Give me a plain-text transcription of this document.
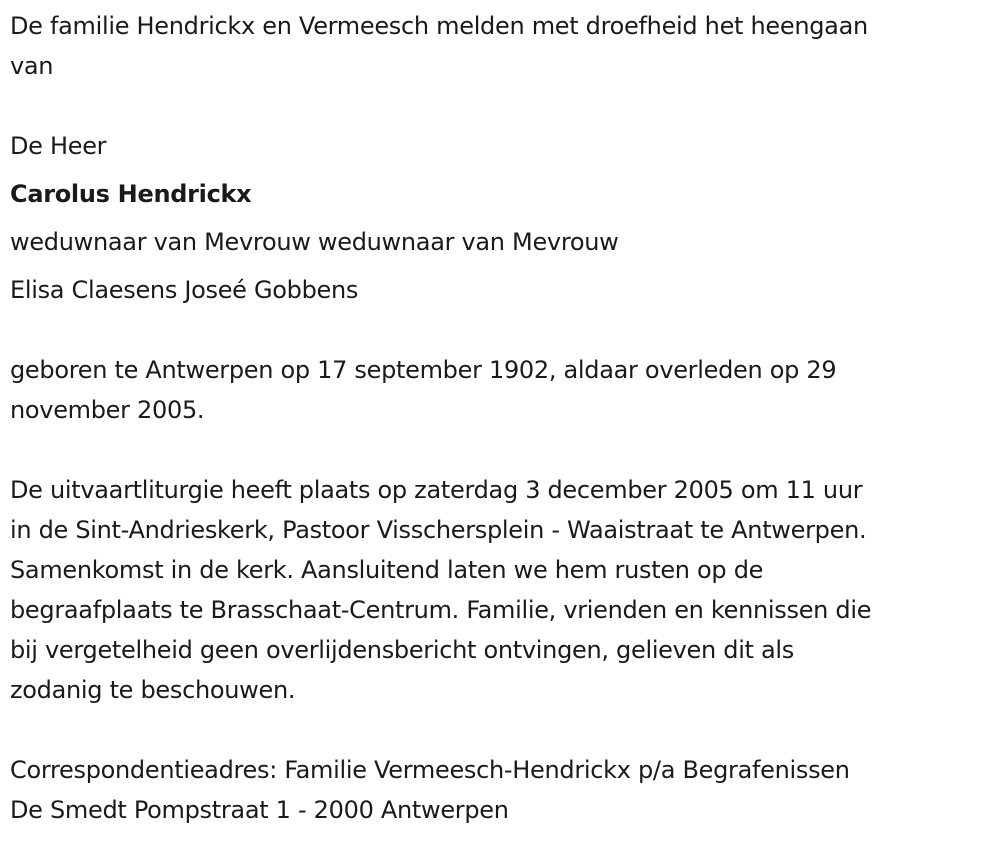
De familie Hendrickx en Vermeesch melden met droefheid het heengaan
van
De Heer
Carolus Hendrickx
weduwnaar van Mevrouw weduwnaar van Mevrouw
Elisa Claesens Joseé Gobbens
geboren te Antwerpen op 17 september 1902, aldaar overleden op 29
november 2005.
De uitvaartliturgie heeft plaats op zaterdag 3 december 2005 om 11 uur
in de Sint-Andrieskerk, Pastoor Visschersplein - Waaistraat te Antwerpen.
Samenkomst in de kerk. Aansluitend laten we hem rusten op de
begraafplaats te Brasschaat-Centrum. Familie, vrienden en kennissen die
bij vergetelheid geen overlijdensbericht ontvingen, gelieven dit als
zodanig te beschouwen.
Correspondentieadres: Familie Vermeesch-Hendrickx p/a Begrafenissen
De Smedt Pompstraat 1 - 2000 Antwerpen
